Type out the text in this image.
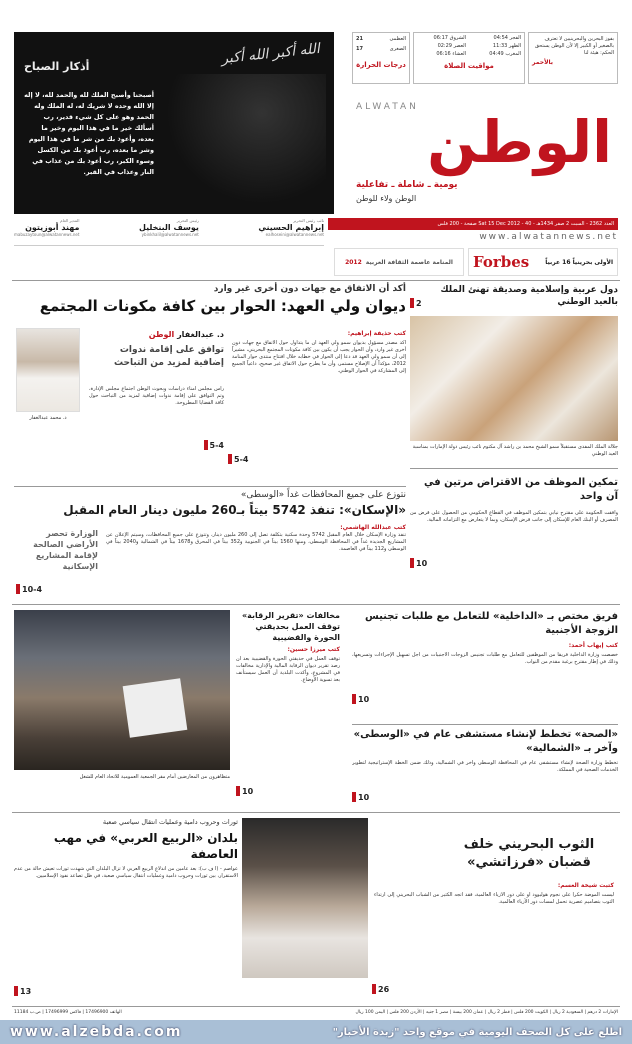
بفوز البحرين والبحرينيين لا تعترف بالصغير أو الكبير إلا لأن الوطن يستحق الحكم: هيئة لنا
بالأحمر
الفجر 04:54
الشروق 06:17
الظهر 11:33
العصر 02:29
المغرب 04:49
العشاء 06:16
مواقيت الصلاة
العظمى
21
الصغرى
17
درجات الحرارة
أذكار الصباح	الله أكبر الله أكبر
أصبحنا وأصبح الملك لله والحمد لله، لا إله إلا الله وحده لا شريك له، له الملك وله الحمد وهو على كل شيء قدير، رب أسألك خير ما في هذا اليوم وخير ما بعده، وأعوذ بك من شر ما في هذا اليوم وشر ما بعده، رب أعوذ بك من الكسل وسوء الكبر، رب أعوذ بك من عذاب في النار وعذاب في القبر.
ALWATAN
الوطن
يومية ـ شاملة ـ تفاعلية
الوطن ولاء للوطن
العدد 2362 - السبت 2 صفر 1434هـ - Sat 15 Dec 2012 - 40 صفحة - 200 فلس
www.alwatannews.net
نائب رئيس التحرير
إبراهيم الحسيني
ealhoseini@alwatannews.net
رئيس التحرير
يوسف البنخليل
ybinkhalil@alwatannews.net
المدير العام
مهند أبوزيتون
mabuzaytoun@alwatannews.net
الأولى بحرينياً 16 عربياً
Forbes
المنامة عاصمة الثقافة العربية
2012
أكد أن الاتفاق مع جهات دون أخرى غير وارد
ديوان ولي العهد: الحوار بين كافة مكونات المجتمع
د. محمد عبدالغفار
د. عبدالغفار الوطن
توافق على إقامة ندوات إضافية لمزيد من التباحث
رأس مجلس أمناء دراسات وبحوث الوطن اجتماع مجلس الإدارة، وتم التوافق على إقامة ندوات إضافية لمزيد من التباحث حول كافة القضايا المطروحة.
5-4
كتب حذيفة إبراهيم:
أكد مصدر مسؤول بديوان سمو ولي العهد أن ما يتداول حول الاتفاق مع جهات دون أخرى غير وارد، وأن الحوار يجب أن يكون بين كافة مكونات المجتمع البحريني، مشيراً إلى أن سمو ولي العهد قد دعا إلى الحوار في خطابه خلال افتتاح منتدى حوار المنامة 2012، مؤكداً أن الإصلاح مستمر، وأن ما يطرح حول الاتفاق غير صحيح، داعياً الجميع إلى المشاركة في الحوار الوطني.
5-4
دول عربية وإسلامية وصديقة تهنئ الملك بالعيد الوطني
2
جلالة الملك المفدى مستقبلاً سمو الشيخ محمد بن راشد آل مكتوم نائب رئيس دولة الإمارات بمناسبة العيد الوطني
نتوزع على جميع المحافظات غداً «الوسطى»
«الإسكان»: تنفذ 5742 بيتاً بـ260 مليون دينار العام المقبل
كتب عبدالله الهاشمي:
تنفذ وزارة الإسكان خلال العام المقبل 5742 وحدة سكنية بتكلفة تصل إلى 260 مليون دينار، وتتوزع على جميع المحافظات، وسيتم الإعلان عن المشاريع الجديدة غداً في المحافظة الوسطى، ومنها 1560 بيتاً في الجنوبية و352 بيتاً في المحرق و1678 بيتاً في الشمالية و2040 بيتاً في الوسطى و112 بيتاً في العاصمة.
الوزارة تحصر الأراضي الصالحة لإقامة المشاريع الإسكانية
10-4
تمكين الموظف من الاقتراض مرتين في آن واحد
وافقت الحكومة على مقترح نيابي بتمكين الموظف في القطاع الحكومي من الحصول على قرض من المصرف أو البنك العام للإسكان إلى جانب قرض الإسكان، وبما لا يتعارض مع التزاماته المالية.
10
متظاهرون من المعارضين أمام مقر الجمعية العمومية للاتحاد العام للشغل
مخالفات «تقرير الرقابة» توقف العمل بحديقتي الحورة والقضيبية
كتب ميرزا حسين:
توقف العمل في حديقتي الحورة والقضيبية بعد أن رصد تقرير ديوان الرقابة المالية والإدارية مخالفات في المشروع، وأكدت البلدية أن العمل سيستأنف بعد تسوية الأوضاع.
10
فريق مختص بـ «الداخلية» للتعامل مع طلبات تجنيس الزوجة الأجنبية
كتب إيهاب أحمد:
خصصت وزارة الداخلية فريقاً من الموظفين للتعامل مع طلبات تجنيس الزوجات الأجنبيات من أجل تسهيل الإجراءات وتسريعها، وذلك في إطار مقترح برغبة مقدم من النواب.
10
«الصحة» تخطط لإنشاء مستشفى عام في «الوسطى» وآخر بـ «الشمالية»
تخطط وزارة الصحة لإنشاء مستشفى عام في المحافظة الوسطى وآخر في الشمالية، وذلك ضمن الخطة الإستراتيجية لتطوير الخدمات الصحية في المملكة.
10
ثورات وحروب دامية وعمليات انتقال سياسي صعبة
بلدان «الربيع العربي» في مهب العاصفة
عواصم - (أ ف ب): بعد عامين من اندلاع الربيع العربي لا تزال البلدان التي شهدت ثورات تعيش حالة من عدم الاستقرار، بين ثورات وحروب دامية وعمليات انتقال سياسي صعبة، في ظل تصاعد نفوذ الإسلاميين.
13
الثوب البحريني خلف قضبان «فرزاتشي»
كتبت شيخة العسم:
ليست الموضة حكراً على نجوم هوليوود أو على دور الأزياء العالمية، فقد اتجه الكثير من الشباب البحريني إلى ارتداء الثوب بتصاميم عصرية تحمل لمسات دور الأزياء العالمية.
26
الإمارات 2 درهم | السعودية 2 ريال | الكويت 200 فلس | قطر 2 ريال | عمان 200 بيسة | مصر 1 جنيه | الأردن 200 فلس | اليمن 100 ريال
الهاتف 17496900 | فاكس 17496999 | ص.ب 11184
www.alzebda.com	اطلع على كل الصحف اليومية في موقع واحد "زبدة الأخبار"
